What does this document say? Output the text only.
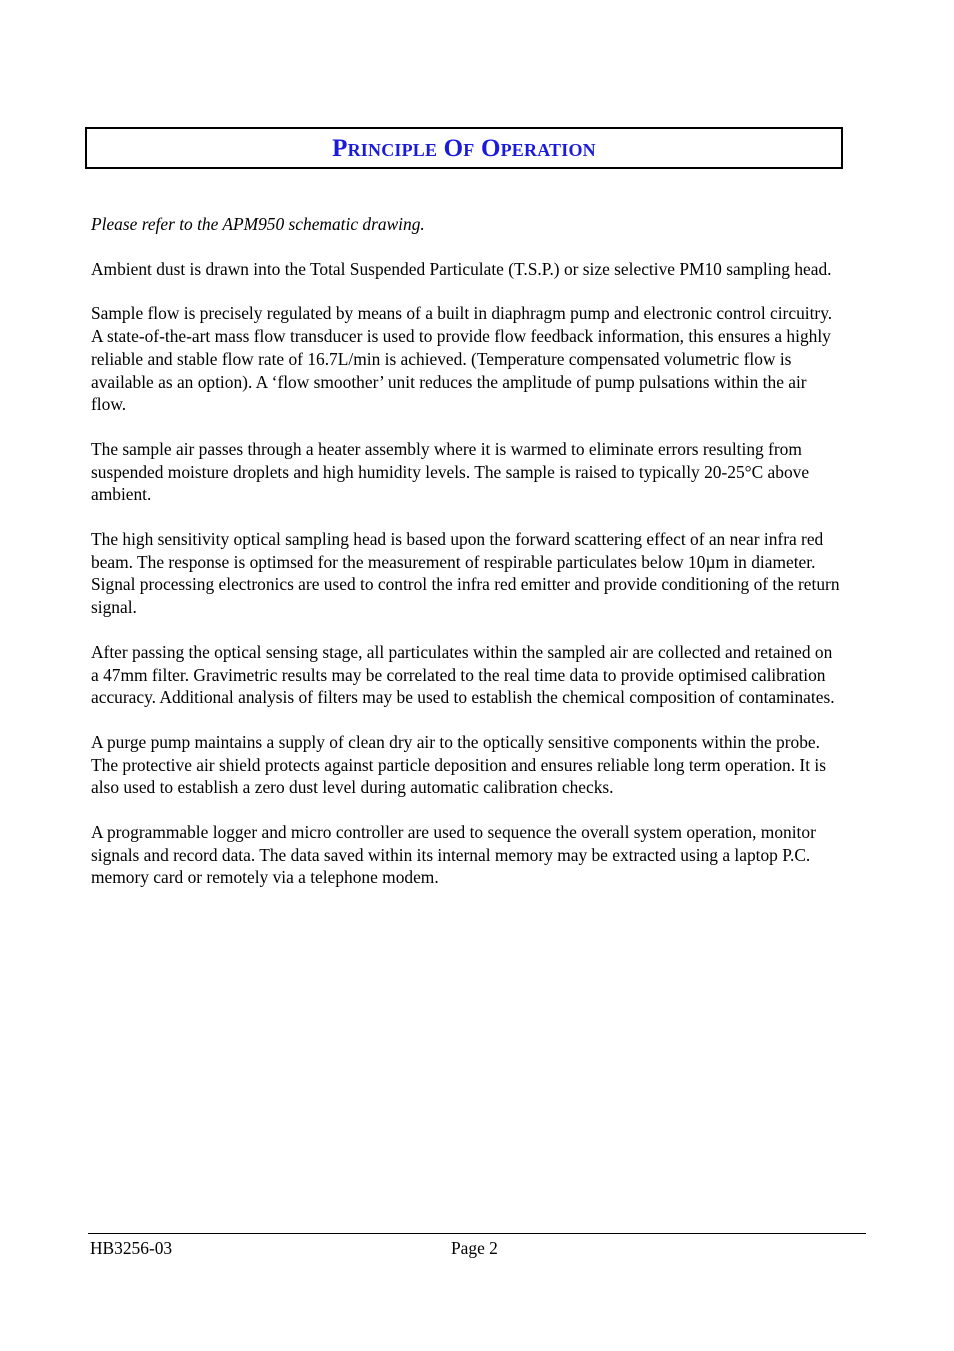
Principle Of Operation

Please refer to the APM950 schematic drawing.

Ambient dust is drawn into the Total Suspended Particulate (T.S.P.) or size selective PM10 sampling head.

Sample flow is precisely regulated by means of a built in diaphragm pump and electronic control circuitry. A state-of-the-art mass flow transducer is used to provide flow feedback information, this ensures a highly reliable and stable flow rate of 16.7L/min is achieved. (Temperature compensated volumetric flow is available as an option). A ‘flow smoother’ unit reduces the amplitude of pump pulsations within the air flow.

The sample air passes through a heater assembly where it is warmed to eliminate errors resulting from suspended moisture droplets and high humidity levels. The sample is raised to typically 20-25°C above ambient.

The high sensitivity optical sampling head is based upon the forward scattering effect of an near infra red beam. The response is optimsed for the measurement of respirable particulates below 10µm in diameter. Signal processing electronics are used to control the infra red emitter and provide conditioning of the return signal.

After passing the optical sensing stage, all particulates within the sampled air are collected and retained on a 47mm filter. Gravimetric results may be correlated to the real time data to provide optimised calibration accuracy. Additional analysis of filters may be used to establish the chemical composition of contaminates.

A purge pump maintains a supply of clean dry air to the optically sensitive components within the probe. The protective air shield protects against particle deposition and ensures reliable long term operation. It is also used to establish a zero dust level during automatic calibration checks.

A programmable logger and micro controller are used to sequence the overall system operation, monitor signals and record data. The data saved within its internal memory may be extracted using a laptop P.C. memory card or remotely via a telephone modem.

HB3256-03	Page 2
